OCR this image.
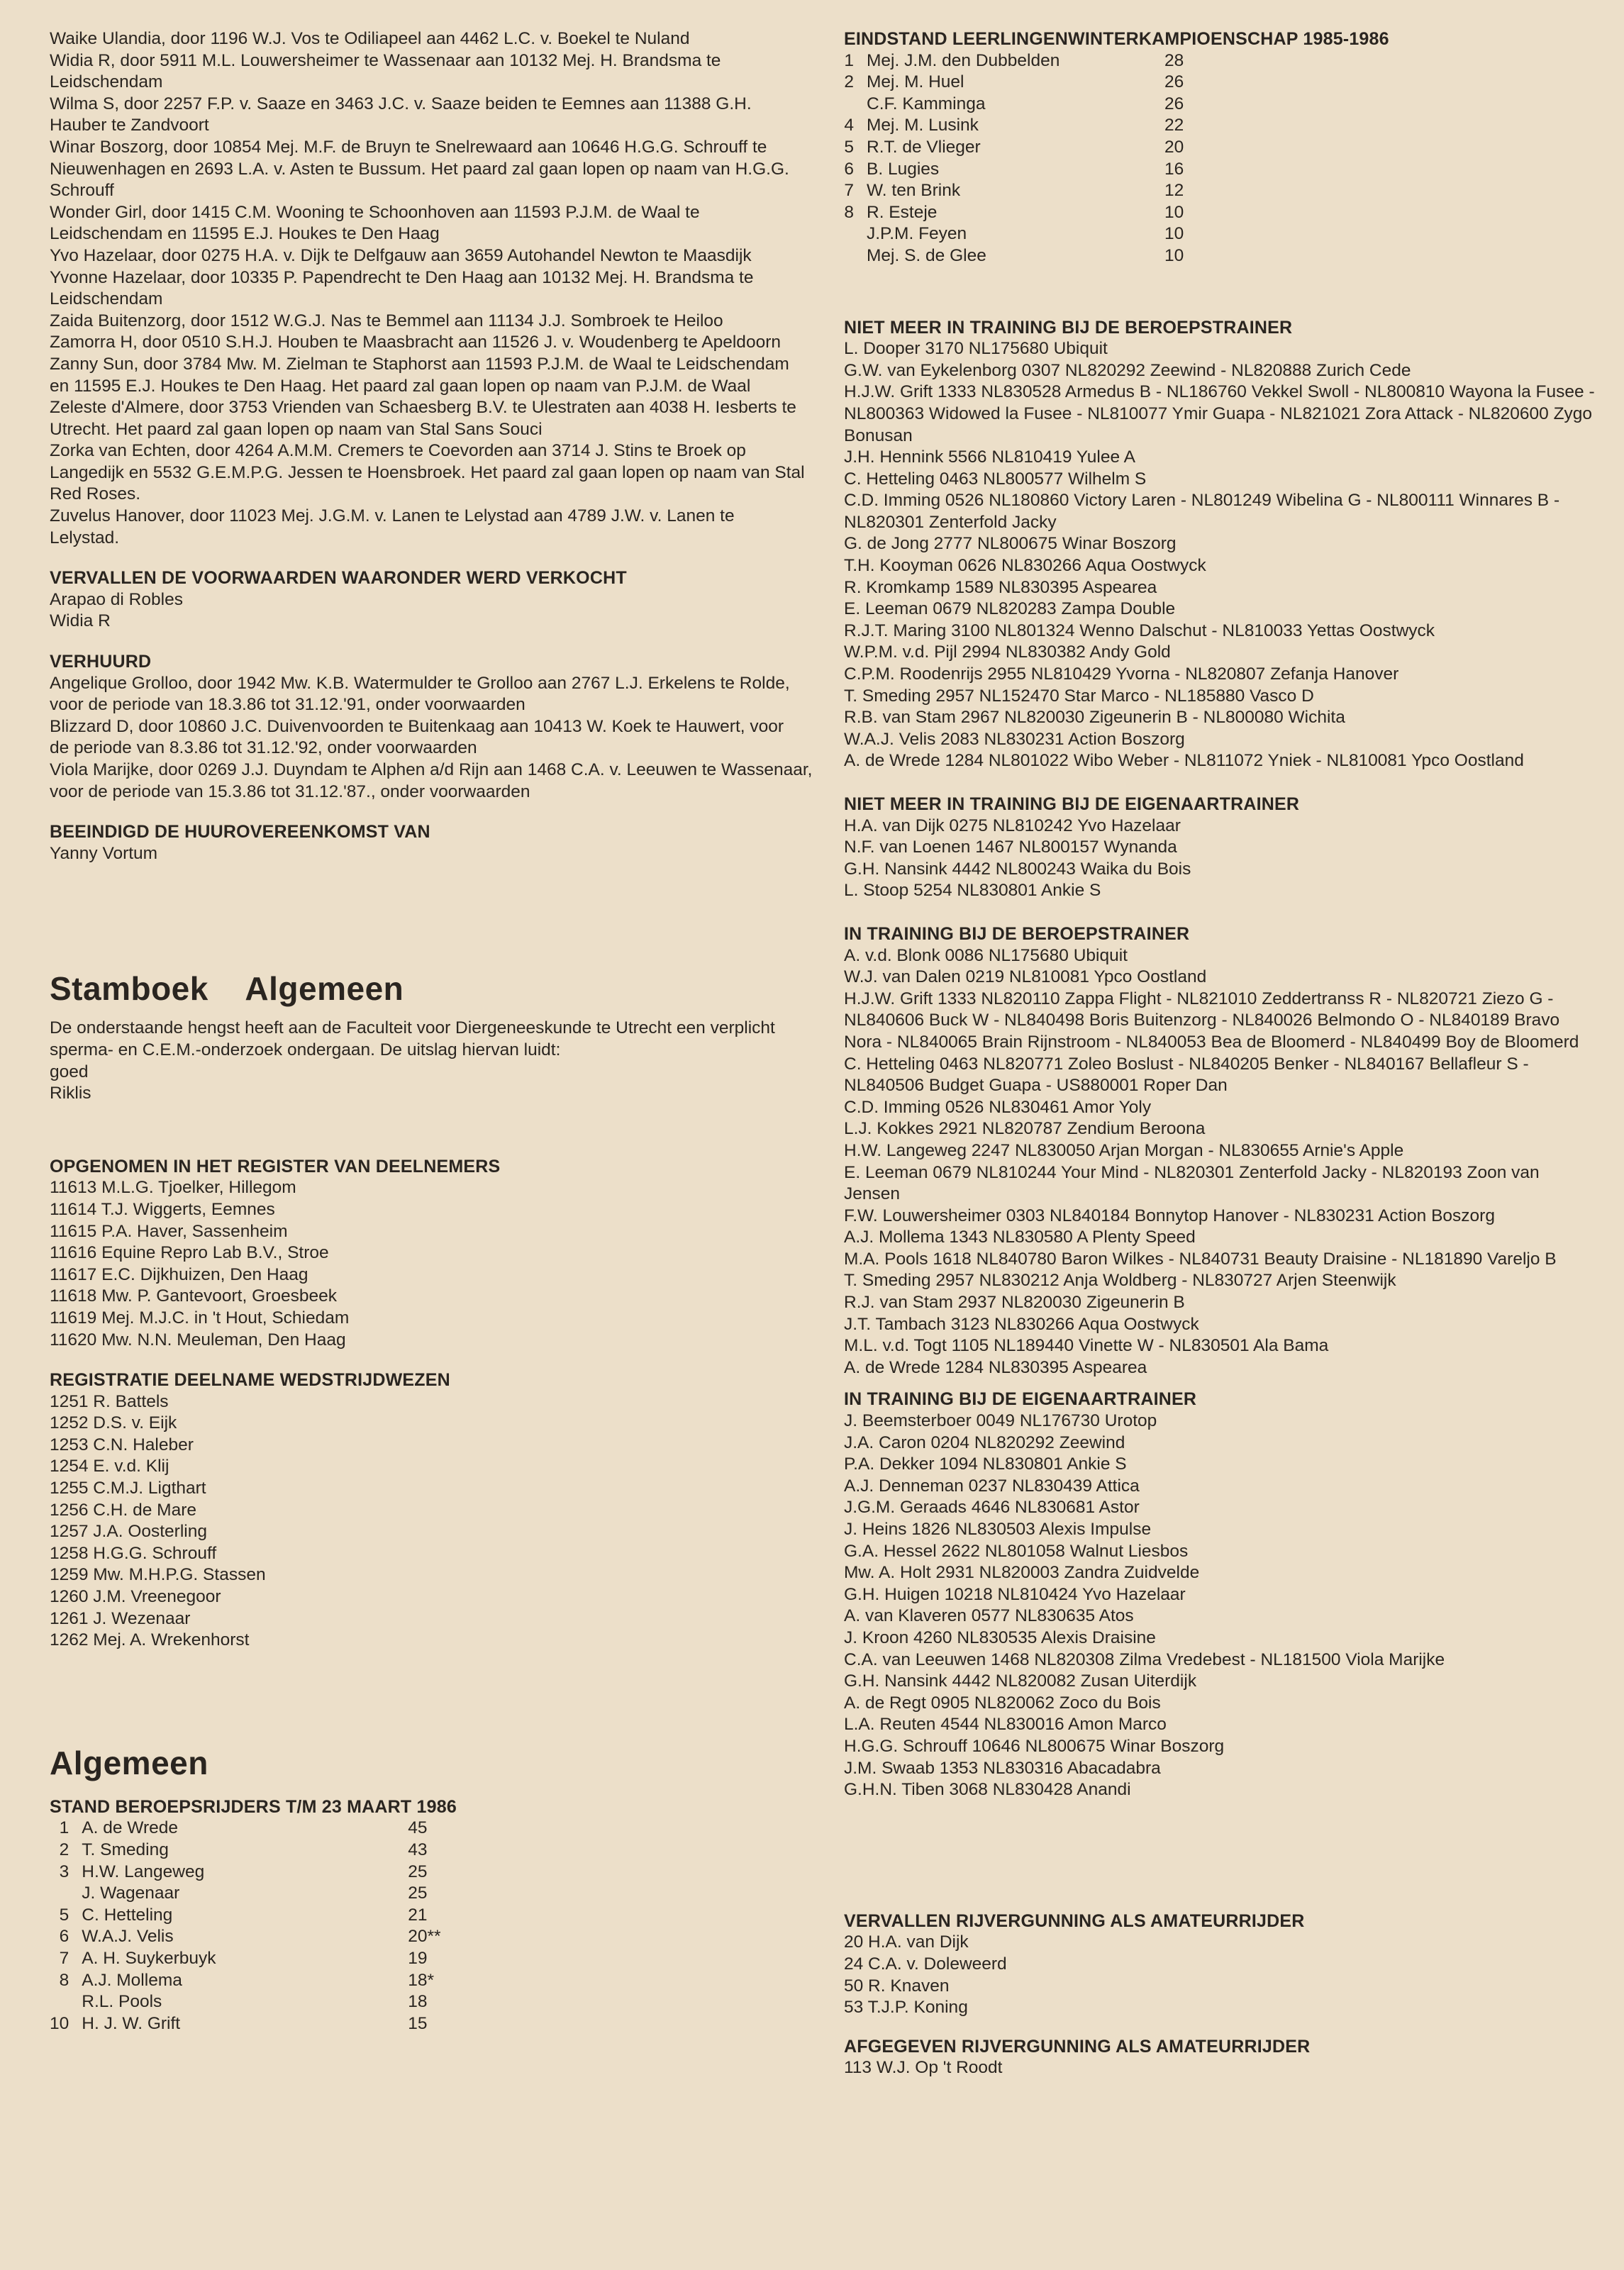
Waike Ulandia, door 1196 W.J. Vos te Odiliapeel aan 4462 L.C. v. Boekel te Nuland

Widia R, door 5911 M.L. Louwersheimer te Wassenaar aan 10132 Mej. H. Brandsma te Leidschendam

Wilma S, door 2257 F.P. v. Saaze en 3463 J.C. v. Saaze beiden te Eemnes aan 11388 G.H. Hauber te Zandvoort

Winar Boszorg, door 10854 Mej. M.F. de Bruyn te Snelrewaard aan 10646 H.G.G. Schrouff te Nieuwenhagen en 2693 L.A. v. Asten te Bussum. Het paard zal gaan lopen op naam van H.G.G. Schrouff

Wonder Girl, door 1415 C.M. Wooning te Schoonhoven aan 11593 P.J.M. de Waal te Leidschendam en 11595 E.J. Houkes te Den Haag

Yvo Hazelaar, door 0275 H.A. v. Dijk te Delfgauw aan 3659 Autohandel Newton te Maasdijk

Yvonne Hazelaar, door 10335 P. Papendrecht te Den Haag aan 10132 Mej. H. Brandsma te Leidschendam

Zaida Buitenzorg, door 1512 W.G.J. Nas te Bemmel aan 11134 J.J. Sombroek te Heiloo

Zamorra H, door 0510 S.H.J. Houben te Maasbracht aan 11526 J. v. Woudenberg te Apeldoorn

Zanny Sun, door 3784 Mw. M. Zielman te Staphorst aan 11593 P.J.M. de Waal te Leidschendam en 11595 E.J. Houkes te Den Haag. Het paard zal gaan lopen op naam van P.J.M. de Waal

Zeleste d'Almere, door 3753 Vrienden van Schaesberg B.V. te Ulestraten aan 4038 H. Iesberts te Utrecht. Het paard zal gaan lopen op naam van Stal Sans Souci

Zorka van Echten, door 4264 A.M.M. Cremers te Coevorden aan 3714 J. Stins te Broek op Langedijk en 5532 G.E.M.P.G. Jessen te Hoensbroek. Het paard zal gaan lopen op naam van Stal Red Roses.

Zuvelus Hanover, door 11023 Mej. J.G.M. v. Lanen te Lelystad aan 4789 J.W. v. Lanen te Lelystad.

VERVALLEN DE VOORWAARDEN WAARONDER WERD VERKOCHT

Arapao di Robles

Widia R

VERHUURD

Angelique Grolloo, door 1942 Mw. K.B. Watermulder te Grolloo aan 2767 L.J. Erkelens te Rolde, voor de periode van 18.3.86 tot 31.12.'91, onder voorwaarden

Blizzard D, door 10860 J.C. Duivenvoorden te Buitenkaag aan 10413 W. Koek te Hauwert, voor de periode van 8.3.86 tot 31.12.'92, onder voorwaarden

Viola Marijke, door 0269 J.J. Duyndam te Alphen a/d Rijn aan 1468 C.A. v. Leeuwen te Wassenaar, voor de periode van 15.3.86 tot 31.12.'87., onder voorwaarden

BEEINDIGD DE HUUROVEREENKOMST VAN

Yanny Vortum

Stamboek Algemeen

De onderstaande hengst heeft aan de Faculteit voor Diergeneeskunde te Utrecht een verplicht sperma- en C.E.M.-onderzoek ondergaan. De uitslag hiervan luidt:

goed

Riklis

OPGENOMEN IN HET REGISTER VAN DEELNEMERS

11613 M.L.G. Tjoelker, Hillegom

11614 T.J. Wiggerts, Eemnes

11615 P.A. Haver, Sassenheim

11616 Equine Repro Lab B.V., Stroe

11617 E.C. Dijkhuizen, Den Haag

11618 Mw. P. Gantevoort, Groesbeek

11619 Mej. M.J.C. in 't Hout, Schiedam

11620 Mw. N.N. Meuleman, Den Haag

REGISTRATIE DEELNAME WEDSTRIJDWEZEN

1251 R. Battels

1252 D.S. v. Eijk

1253 C.N. Haleber

1254 E. v.d. Klij

1255 C.M.J. Ligthart

1256 C.H. de Mare

1257 J.A. Oosterling

1258 H.G.G. Schrouff

1259 Mw. M.H.P.G. Stassen

1260 J.M. Vreenegoor

1261 J. Wezenaar

1262 Mej. A. Wrekenhorst

Algemeen

STAND BEROEPSRIJDERS T/M 23 MAART 1986

1	A. de Wrede	45
2	T. Smeding	43
3	H.W. Langeweg	25
	J. Wagenaar	25
5	C. Hetteling	21
6	W.A.J. Velis	20**
7	A. H. Suykerbuyk	19
8	A.J. Mollema	18*
	R.L. Pools	18
10	H. J. W. Grift	15

EINDSTAND LEERLINGENWINTERKAMPIOENSCHAP 1985-1986

1	Mej. J.M. den Dubbelden	28
2	Mej. M. Huel	26
	C.F. Kamminga	26
4	Mej. M. Lusink	22
5	R.T. de Vlieger	20
6	B. Lugies	16
7	W. ten Brink	12
8	R. Esteje	10
	J.P.M. Feyen	10
	Mej. S. de Glee	10

NIET MEER IN TRAINING BIJ DE BEROEPSTRAINER

L. Dooper 3170 NL175680 Ubiquit

G.W. van Eykelenborg 0307 NL820292 Zeewind - NL820888 Zurich Cede

H.J.W. Grift 1333 NL830528 Armedus B - NL186760 Vekkel Swoll - NL800810 Wayona la Fusee - NL800363 Widowed la Fusee - NL810077 Ymir Guapa - NL821021 Zora Attack - NL820600 Zygo Bonusan

J.H. Hennink 5566 NL810419 Yulee A

C. Hetteling 0463 NL800577 Wilhelm S

C.D. Imming 0526 NL180860 Victory Laren - NL801249 Wibelina G - NL800111 Winnares B - NL820301 Zenterfold Jacky

G. de Jong 2777 NL800675 Winar Boszorg

T.H. Kooyman 0626 NL830266 Aqua Oostwyck

R. Kromkamp 1589 NL830395 Aspearea

E. Leeman 0679 NL820283 Zampa Double

R.J.T. Maring 3100 NL801324 Wenno Dalschut - NL810033 Yettas Oostwyck

W.P.M. v.d. Pijl 2994 NL830382 Andy Gold

C.P.M. Roodenrijs 2955 NL810429 Yvorna - NL820807 Zefanja Hanover

T. Smeding 2957 NL152470 Star Marco - NL185880 Vasco D

R.B. van Stam 2967 NL820030 Zigeunerin B - NL800080 Wichita

W.A.J. Velis 2083 NL830231 Action Boszorg

A. de Wrede 1284 NL801022 Wibo Weber - NL811072 Yniek - NL810081 Ypco Oostland

NIET MEER IN TRAINING BIJ DE EIGENAARTRAINER

H.A. van Dijk 0275 NL810242 Yvo Hazelaar

N.F. van Loenen 1467 NL800157 Wynanda

G.H. Nansink 4442 NL800243 Waika du Bois

L. Stoop 5254 NL830801 Ankie S

IN TRAINING BIJ DE BEROEPSTRAINER

A. v.d. Blonk 0086 NL175680 Ubiquit

W.J. van Dalen 0219 NL810081 Ypco Oostland

H.J.W. Grift 1333 NL820110 Zappa Flight - NL821010 Zeddertranss R - NL820721 Ziezo G - NL840606 Buck W - NL840498 Boris Buitenzorg - NL840026 Belmondo O - NL840189 Bravo Nora - NL840065 Brain Rijnstroom - NL840053 Bea de Bloomerd - NL840499 Boy de Bloomerd

C. Hetteling 0463 NL820771 Zoleo Boslust - NL840205 Benker - NL840167 Bellafleur S - NL840506 Budget Guapa - US880001 Roper Dan

C.D. Imming 0526 NL830461 Amor Yoly

L.J. Kokkes 2921 NL820787 Zendium Beroona

H.W. Langeweg 2247 NL830050 Arjan Morgan - NL830655 Arnie's Apple

E. Leeman 0679 NL810244 Your Mind - NL820301 Zenterfold Jacky - NL820193 Zoon van Jensen

F.W. Louwersheimer 0303 NL840184 Bonnytop Hanover - NL830231 Action Boszorg

A.J. Mollema 1343 NL830580 A Plenty Speed

M.A. Pools 1618 NL840780 Baron Wilkes - NL840731 Beauty Draisine - NL181890 Vareljo B

T. Smeding 2957 NL830212 Anja Woldberg - NL830727 Arjen Steenwijk

R.J. van Stam 2937 NL820030 Zigeunerin B

J.T. Tambach 3123 NL830266 Aqua Oostwyck

M.L. v.d. Togt 1105 NL189440 Vinette W - NL830501 Ala Bama

A. de Wrede 1284 NL830395 Aspearea

IN TRAINING BIJ DE EIGENAARTRAINER

J. Beemsterboer 0049 NL176730 Urotop

J.A. Caron 0204 NL820292 Zeewind

P.A. Dekker 1094 NL830801 Ankie S

A.J. Denneman 0237 NL830439 Attica

J.G.M. Geraads 4646 NL830681 Astor

J. Heins 1826 NL830503 Alexis Impulse

G.A. Hessel 2622 NL801058 Walnut Liesbos

Mw. A. Holt 2931 NL820003 Zandra Zuidvelde

G.H. Huigen 10218 NL810424 Yvo Hazelaar

A. van Klaveren 0577 NL830635 Atos

J. Kroon 4260 NL830535 Alexis Draisine

C.A. van Leeuwen 1468 NL820308 Zilma Vredebest - NL181500 Viola Marijke

G.H. Nansink 4442 NL820082 Zusan Uiterdijk

A. de Regt 0905 NL820062 Zoco du Bois

L.A. Reuten 4544 NL830016 Amon Marco

H.G.G. Schrouff 10646 NL800675 Winar Boszorg

J.M. Swaab 1353 NL830316 Abacadabra

G.H.N. Tiben 3068 NL830428 Anandi

VERVALLEN RIJVERGUNNING ALS AMATEURRIJDER

20 H.A. van Dijk

24 C.A. v. Doleweerd

50 R. Knaven

53 T.J.P. Koning

AFGEGEVEN RIJVERGUNNING ALS AMATEURRIJDER

113 W.J. Op 't Roodt
